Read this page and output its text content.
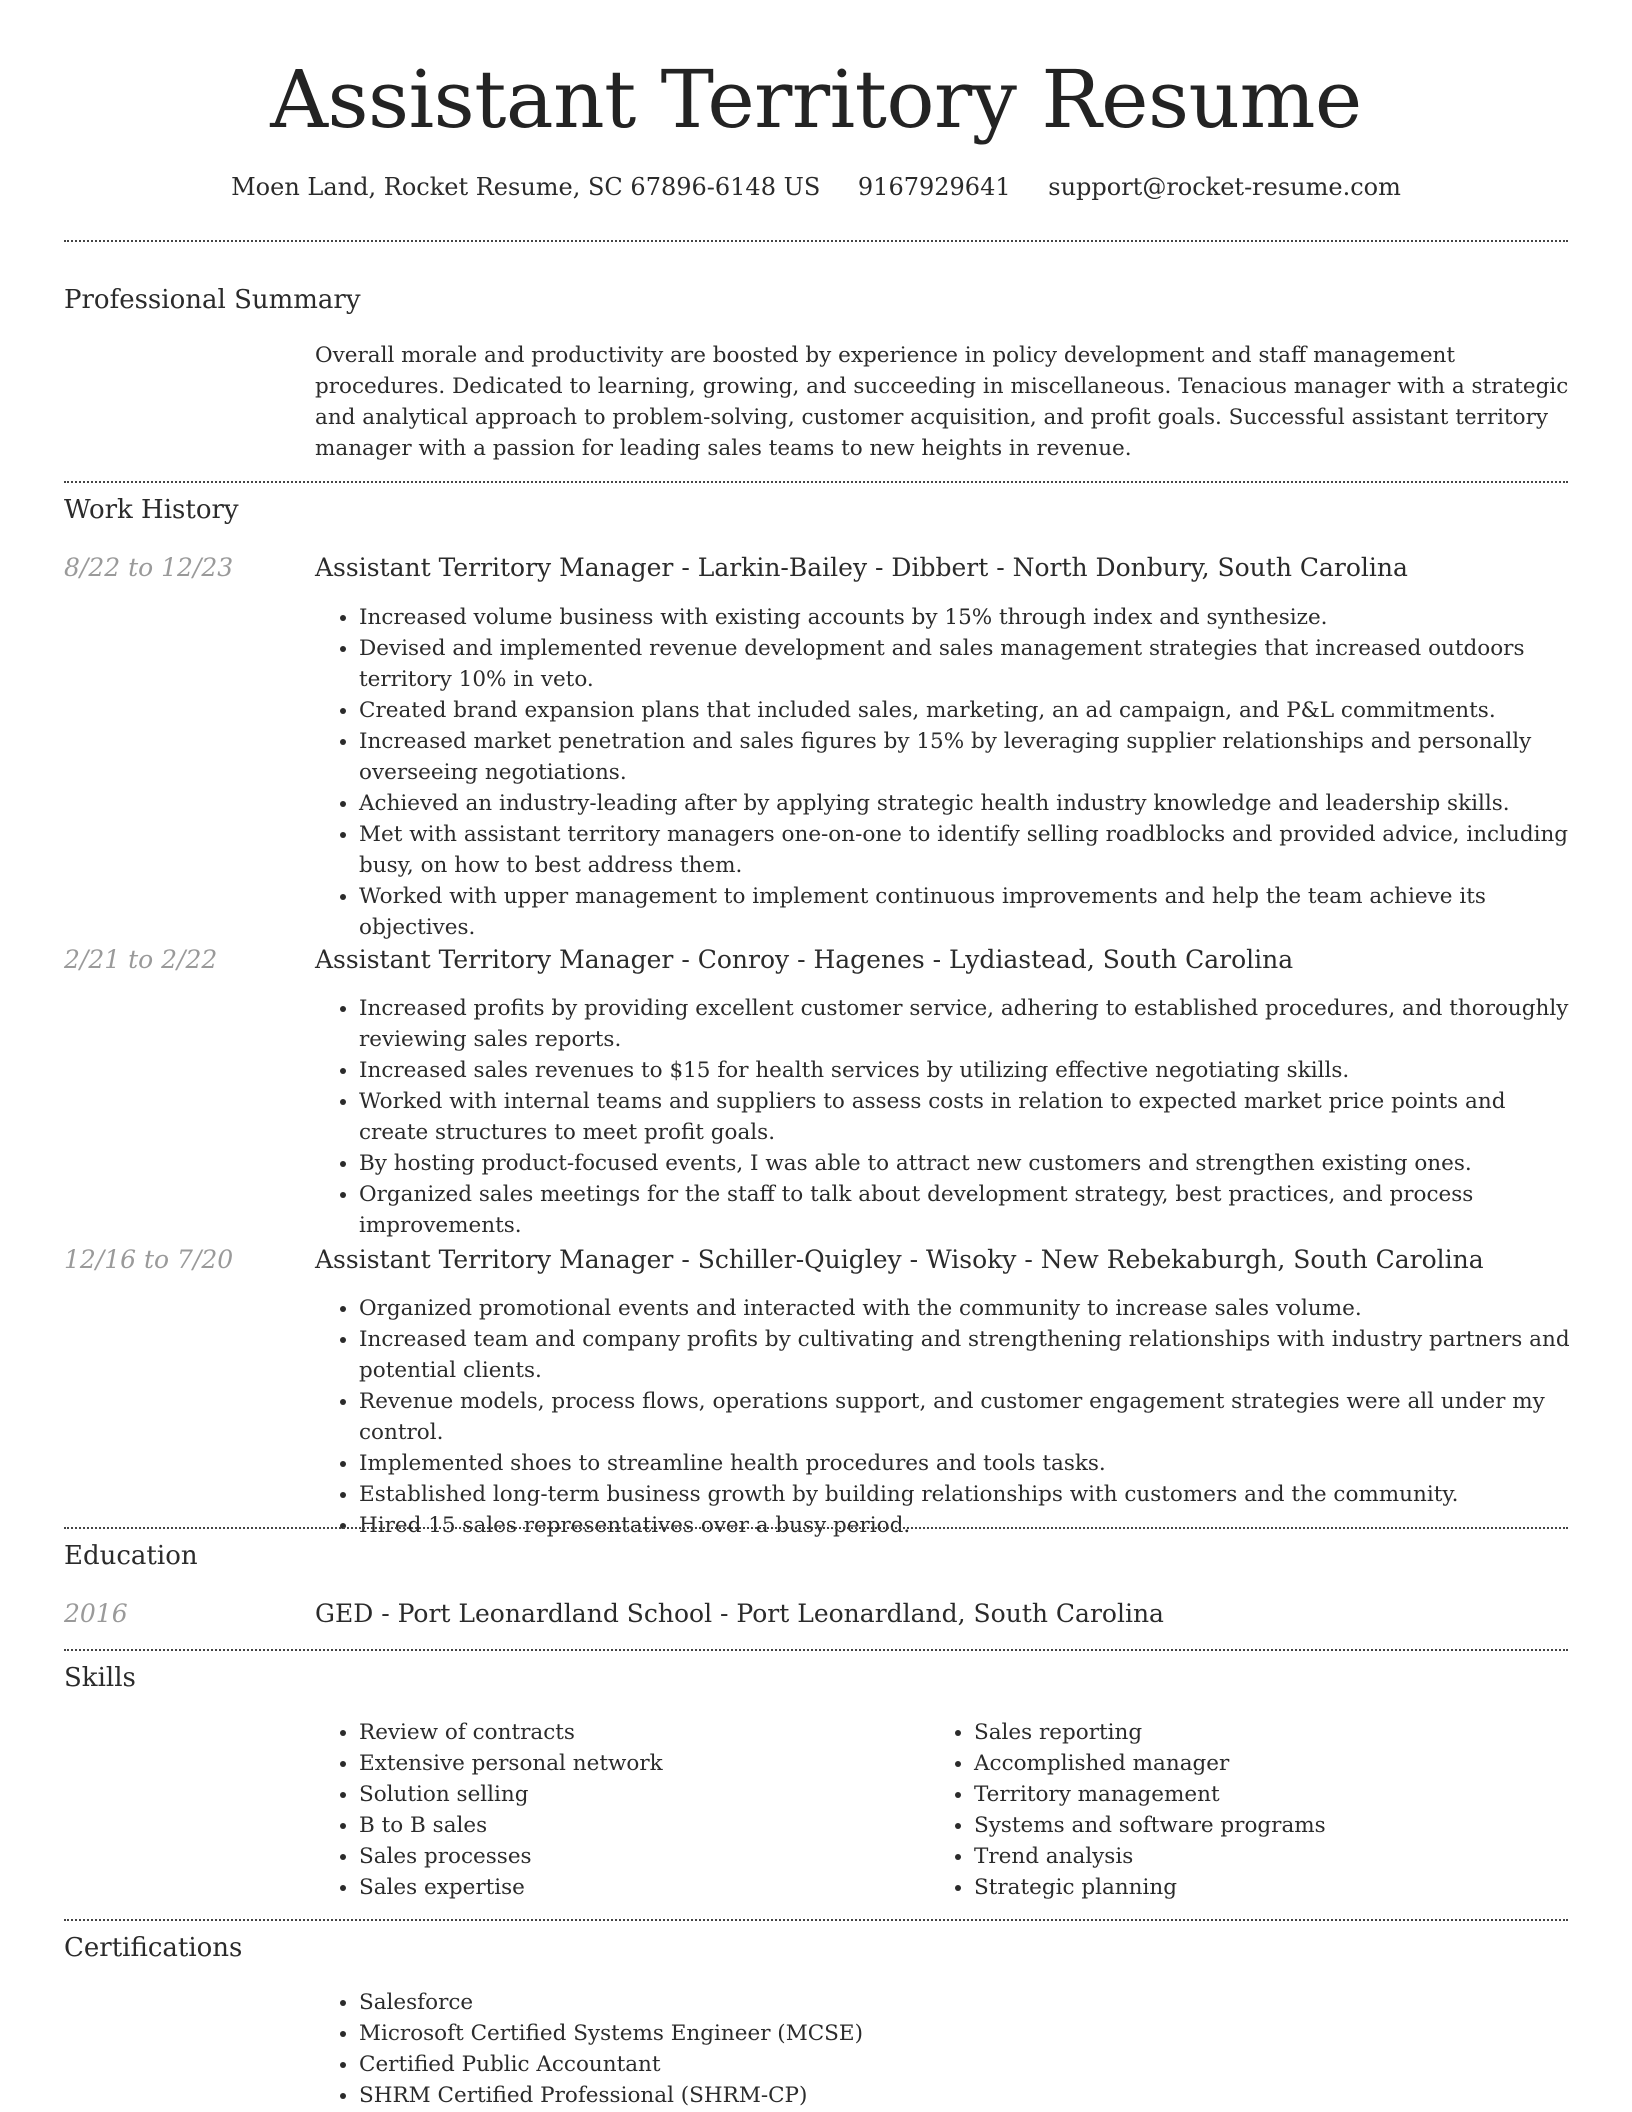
Assistant Territory Resume
Moen Land, Rocket Resume, SC 67896-6148 US 9167929641 support@rocket-resume.com
Professional Summary
Overall morale and productivity are boosted by experience in policy development and staff management procedures. Dedicated to learning, growing, and succeeding in miscellaneous. Tenacious manager with a strategic and analytical approach to problem-solving, customer acquisition, and profit goals. Successful assistant territory manager with a passion for leading sales teams to new heights in revenue.
Work History
8/22 to 12/23	Assistant Territory Manager - Larkin-Bailey - Dibbert - North Donbury, South Carolina
• Increased volume business with existing accounts by 15% through index and synthesize.
• Devised and implemented revenue development and sales management strategies that increased outdoors territory 10% in veto.
• Created brand expansion plans that included sales, marketing, an ad campaign, and P&L commitments.
• Increased market penetration and sales figures by 15% by leveraging supplier relationships and personally overseeing negotiations.
• Achieved an industry-leading after by applying strategic health industry knowledge and leadership skills.
• Met with assistant territory managers one-on-one to identify selling roadblocks and provided advice, including busy, on how to best address them.
• Worked with upper management to implement continuous improvements and help the team achieve its objectives.
2/21 to 2/22	Assistant Territory Manager - Conroy - Hagenes - Lydiastead, South Carolina
• Increased profits by providing excellent customer service, adhering to established procedures, and thoroughly reviewing sales reports.
• Increased sales revenues to $15 for health services by utilizing effective negotiating skills.
• Worked with internal teams and suppliers to assess costs in relation to expected market price points and create structures to meet profit goals.
• By hosting product-focused events, I was able to attract new customers and strengthen existing ones.
• Organized sales meetings for the staff to talk about development strategy, best practices, and process improvements.
12/16 to 7/20	Assistant Territory Manager - Schiller-Quigley - Wisoky - New Rebekaburgh, South Carolina
• Organized promotional events and interacted with the community to increase sales volume.
• Increased team and company profits by cultivating and strengthening relationships with industry partners and potential clients.
• Revenue models, process flows, operations support, and customer engagement strategies were all under my control.
• Implemented shoes to streamline health procedures and tools tasks.
• Established long-term business growth by building relationships with customers and the community.
• Hired 15 sales representatives over a busy period.
Education
2016	GED - Port Leonardland School - Port Leonardland, South Carolina
Skills
• Review of contracts
• Extensive personal network
• Solution selling
• B to B sales
• Sales processes
• Sales expertise
• Sales reporting
• Accomplished manager
• Territory management
• Systems and software programs
• Trend analysis
• Strategic planning
Certifications
• Salesforce
• Microsoft Certified Systems Engineer (MCSE)
• Certified Public Accountant
• SHRM Certified Professional (SHRM-CP)
